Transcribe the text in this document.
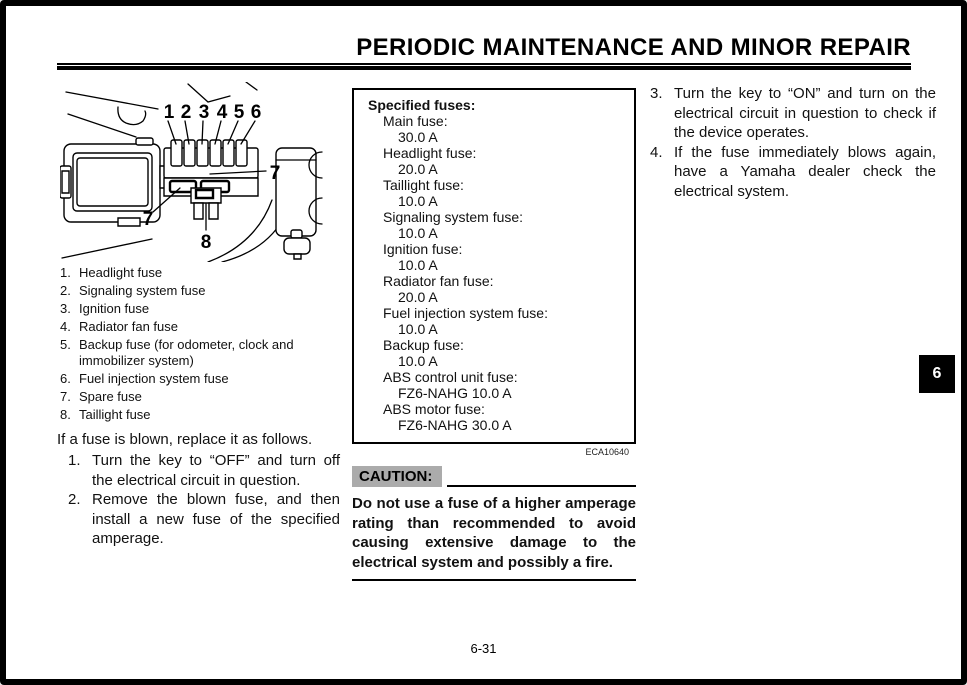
PERIODIC MAINTENANCE AND MINOR REPAIR
1 2 3 4 5 6
7
7
8
1. Headlight fuse
2. Signaling system fuse
3. Ignition fuse
4. Radiator fan fuse
5. Backup fuse (for odometer, clock and immobilizer system)
6. Fuel injection system fuse
7. Spare fuse
8. Taillight fuse

If a fuse is blown, replace it as follows.

1. Turn the key to “OFF” and turn off the electrical circuit in question.
2. Remove the blown fuse, and then install a new fuse of the specified amperage.
Specified fuses:
Main fuse:
30.0 A
Headlight fuse:
20.0 A
Taillight fuse:
10.0 A
Signaling system fuse:
10.0 A
Ignition fuse:
10.0 A
Radiator fan fuse:
20.0 A
Fuel injection system fuse:
10.0 A
Backup fuse:
10.0 A
ABS control unit fuse:
FZ6-NAHG 10.0 A
ABS motor fuse:
FZ6-NAHG 30.0 A
ECA10640
CAUTION:

Do not use a fuse of a higher amperage rating than recommended to avoid causing extensive damage to the electrical system and possibly a fire.

3. Turn the key to “ON” and turn on the electrical circuit in question to check if the device operates.
4. If the fuse immediately blows again, have a Yamaha dealer check the electrical system.
6
6-31
